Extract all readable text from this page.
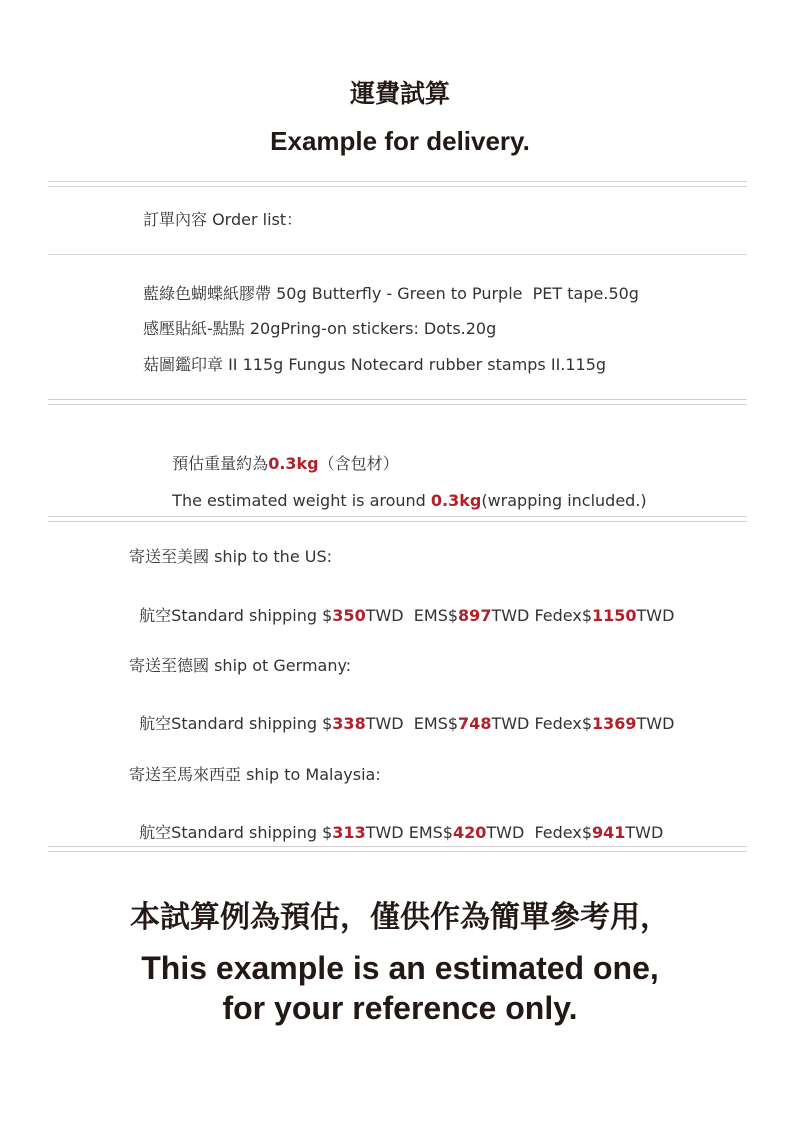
運費試算
Example for delivery.
訂單內容 Order list：
藍綠色蝴蝶紙膠帶 50g Butterfly - Green to Purple  PET tape.50g
感壓貼紙-點點 20gPring-on stickers: Dots.20g
菇圖鑑印章 II 115g Fungus Notecard rubber stamps II.115g

預估重量約為0.3kg（含包材）

The estimated weight is around 0.3kg(wrapping included.)

寄送至美國 ship to the US:

航空Standard shipping $350TWD  EMS$897TWD Fedex$1150TWD

寄送至德國 ship ot Germany:

航空Standard shipping $338TWD  EMS$748TWD Fedex$1369TWD

寄送至馬來西亞 ship to Malaysia:

航空Standard shipping $313TWD EMS$420TWD  Fedex$941TWD

本試算例為預估，僅供作為簡單參考用，

This example is an estimated one,

for your reference only.
